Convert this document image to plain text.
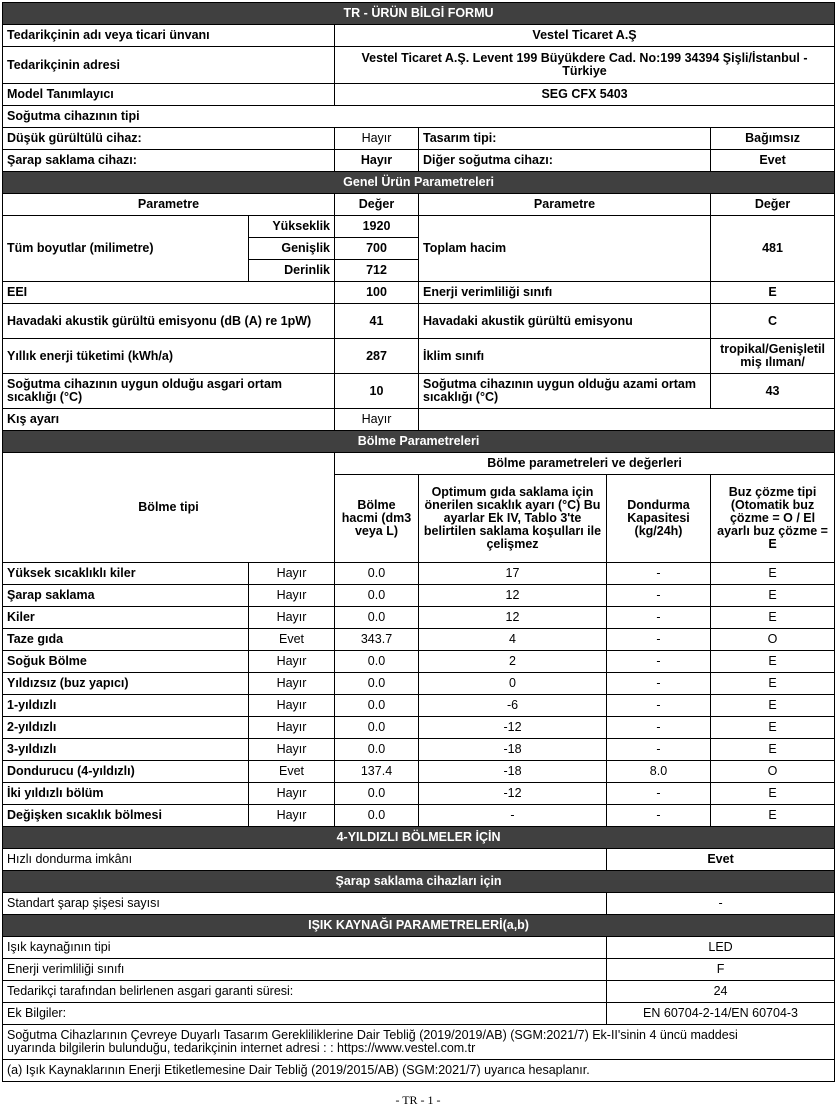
TR - ÜRÜN BİLGİ FORMU					
Tedarikçinin adı veya ticari ünvanı		Vestel Ticaret A.Ş			
Tedarikçinin adresi		Vestel Ticaret A.Ş. Levent 199 Büyükdere Cad. No:199 34394 Şişli/İstanbul -
Türkiye			
Model Tanımlayıcı		SEG CFX 5403			
Soğutma cihazının tipi					
Düşük gürültülü cihaz:		Hayır	Tasarım tipi:		Bağımsız
Şarap saklama cihazı:		Hayır	Diğer soğutma cihazı:		Evet
Genel Ürün Parametreleri					
Parametre		Değer	Parametre		Değer
Tüm boyutlar (milimetre)	Yükseklik	1920	Toplam hacim		481
	Genişlik	700			
	Derinlik	712			
EEI		100	Enerji verimliliği sınıfı		E
Havadaki akustik gürültü emisyonu (dB (A) re 1pW)		41	Havadaki akustik gürültü emisyonu		C
Yıllık enerji tüketimi (kWh/a)		287	İklim sınıfı		tropikal/Genişletil
miş ılıman/
Soğutma cihazının uygun olduğu asgari ortam sıcaklığı (°C)		10	Soğutma cihazının uygun olduğu azami ortam sıcaklığı (°C)		43
Kış ayarı		Hayır			
Bölme Parametreleri					
Bölme tipi		Bölme parametreleri ve değerleri			
		Bölme hacmi (dm3 veya L)	Optimum gıda saklama için önerilen sıcaklık ayarı (°C) Bu ayarlar Ek IV, Tablo 3'te belirtilen saklama koşulları ile çelişmez	Dondurma Kapasitesi (kg/24h)	Buz çözme tipi (Otomatik buz çözme = O / El ayarlı buz çözme = E
Yüksek sıcaklıklı kiler	Hayır	0.0	17	-	E
Şarap saklama	Hayır	0.0	12	-	E
Kiler	Hayır	0.0	12	-	E
Taze gıda	Evet	343.7	4	-	O
Soğuk Bölme	Hayır	0.0	2	-	E
Yıldızsız (buz yapıcı)	Hayır	0.0	0	-	E
1-yıldızlı	Hayır	0.0	-6	-	E
2-yıldızlı	Hayır	0.0	-12	-	E
3-yıldızlı	Hayır	0.0	-18	-	E
Dondurucu (4-yıldızlı)	Evet	137.4	-18	8.0	O
İki yıldızlı bölüm	Hayır	0.0	-12	-	E
Değişken sıcaklık bölmesi	Hayır	0.0	-	-	E
4-YILDIZLI BÖLMELER İÇİN					
Hızlı dondurma imkânı				Evet	
Şarap saklama cihazları için					
Standart şarap şişesi sayısı				-	
IŞIK KAYNAĞI PARAMETRELERİ(a,b)					
Işık kaynağının tipi				LED	
Enerji verimliliği sınıfı				F	
Tedarikçi tarafından belirlenen asgari garanti süresi:				24	
Ek Bilgiler:				EN 60704-2-14/EN 60704-3	
Soğutma Cihazlarının Çevreye Duyarlı Tasarım Gerekliliklerine Dair Tebliğ (2019/2019/AB) (SGM:2021/7) Ek-II'sinin 4 üncü maddesi
uyarında bilgilerin bulunduğu, tedarikçinin internet adresi : : https://www.vestel.com.tr					
(a) Işık Kaynaklarının Enerji Etiketlemesine Dair Tebliğ (2019/2015/AB) (SGM:2021/7) uyarıca hesaplanır.					
- TR - 1 -
